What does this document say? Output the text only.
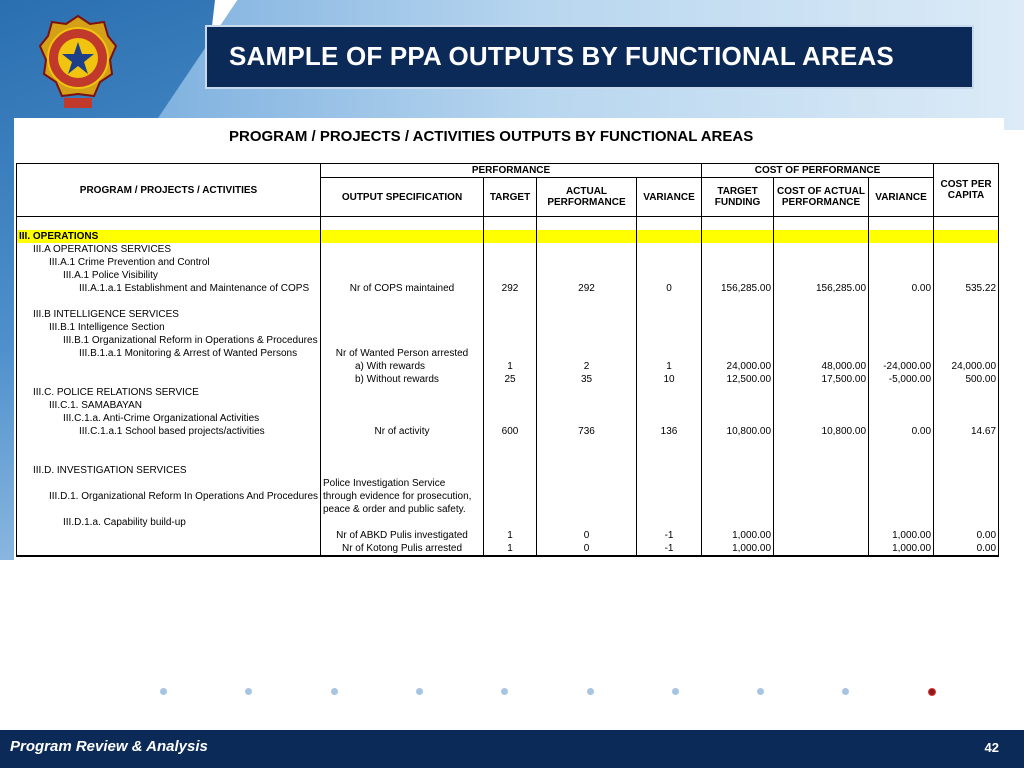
SAMPLE OF PPA OUTPUTS BY FUNCTIONAL AREAS
PROGRAM / PROJECTS / ACTIVITIES OUTPUTS BY FUNCTIONAL AREAS
PROGRAM / PROJECTS / ACTIVITIES	PERFORMANCE				COST OF PERFORMANCE			COST PER CAPITA
	OUTPUT SPECIFICATION	TARGET	ACTUAL PERFORMANCE	VARIANCE	TARGET FUNDING	COST OF ACTUAL PERFORMANCE	VARIANCE	

III. OPERATIONS								
III.A OPERATIONS SERVICES								
III.A.1 Crime Prevention and Control								
III.A.1 Police Visibility								
III.A.1.a.1 Establishment and Maintenance of COPS	Nr of COPS maintained	292	292	0	156,285.00	156,285.00	0.00	535.22

III.B INTELLIGENCE SERVICES								
III.B.1 Intelligence Section								
III.B.1 Organizational Reform in Operations & Procedures								
III.B.1.a.1 Monitoring & Arrest of Wanted Persons	Nr of Wanted Person arrested							
	a) With rewards	1	2	1	24,000.00	48,000.00	-24,000.00	24,000.00
	b) Without rewards	25	35	10	12,500.00	17,500.00	-5,000.00	500.00
III.C. POLICE RELATIONS SERVICE								
III.C.1. SAMABAYAN								
III.C.1.a. Anti-Crime Organizational Activities								
III.C.1.a.1 School based projects/activities	Nr of activity	600	736	136	10,800.00	10,800.00	0.00	14.67

III.D. INVESTIGATION SERVICES								
III.D.1. Organizational Reform In Operations And Procedures	Police Investigation Service through evidence for prosecution, peace & order and public safety.							
III.D.1.a. Capability build-up								
	Nr of ABKD Pulis investigated	1	0	-1	1,000.00		1,000.00	0.00
	Nr of Kotong Pulis arrested	1	0	-1	1,000.00		1,000.00	0.00
Program Review & Analysis	42
